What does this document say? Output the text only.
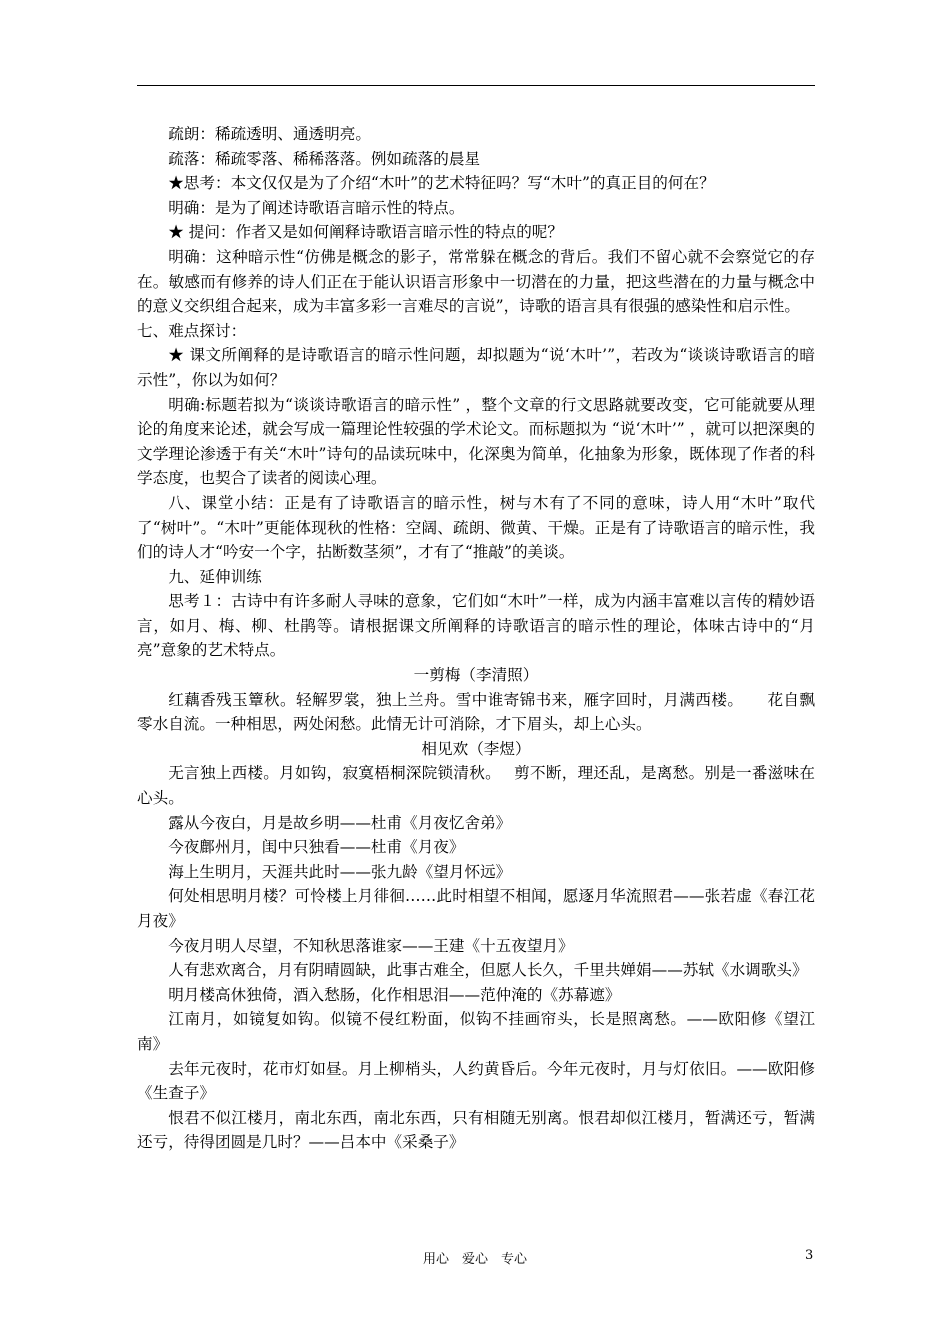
疏朗：稀疏透明、通透明亮。

疏落：稀疏零落、稀稀落落。例如疏落的晨星

★思考：本文仅仅是为了介绍“木叶”的艺术特征吗？写“木叶”的真正目的何在？

明确：是为了阐述诗歌语言暗示性的特点。

★ 提问：作者又是如何阐释诗歌语言暗示性的特点的呢？

明确：这种暗示性“仿佛是概念的影子，常常躲在概念的背后。我们不留心就不会察觉它的存在。敏感而有修养的诗人们正在于能认识语言形象中一切潜在的力量，把这些潜在的力量与概念中的意义交织组合起来，成为丰富多彩一言难尽的言说”，诗歌的语言具有很强的感染性和启示性。

七、难点探讨：

★ 课文所阐释的是诗歌语言的暗示性问题，却拟题为“说‘木叶’”，若改为“谈谈诗歌语言的暗示性”，你以为如何？

明确:标题若拟为“谈谈诗歌语言的暗示性” ，整个文章的行文思路就要改变，它可能就要从理论的角度来论述，就会写成一篇理论性较强的学术论文。而标题拟为 “说‘木叶’” ，就可以把深奥的文学理论渗透于有关“木叶”诗句的品读玩味中，化深奥为简单，化抽象为形象，既体现了作者的科学态度，也契合了读者的阅读心理。

八、课堂小结：正是有了诗歌语言的暗示性，树与木有了不同的意味，诗人用“木叶”取代了“树叶”。“木叶”更能体现秋的性格：空阔、疏朗、微黄、干燥。正是有了诗歌语言的暗示性，我们的诗人才“吟安一个字，拈断数茎须”，才有了“推敲”的美谈。

九、延伸训练

思考１：古诗中有许多耐人寻味的意象，它们如“木叶”一样，成为内涵丰富难以言传的精妙语言，如月、梅、柳、杜鹃等。请根据课文所阐释的诗歌语言的暗示性的理论，体味古诗中的“月亮”意象的艺术特点。

一剪梅（李清照）

红藕香残玉簟秋。轻解罗裳，独上兰舟。雪中谁寄锦书来，雁字回时，月满西楼。　　花自飘零水自流。一种相思，两处闲愁。此情无计可消除，才下眉头，却上心头。

相见欢（李煜）

无言独上西楼。月如钩，寂寞梧桐深院锁清秋。　 剪不断，理还乱，是离愁。别是一番滋味在心头。

露从今夜白，月是故乡明——杜甫《月夜忆舍弟》

今夜鄜州月，闺中只独看——杜甫《月夜》

海上生明月，天涯共此时——张九龄《望月怀远》

何处相思明月楼？可怜楼上月徘徊……此时相望不相闻，愿逐月华流照君——张若虚《春江花月夜》

今夜月明人尽望，不知秋思落谁家——王建《十五夜望月》

人有悲欢离合，月有阴晴圆缺，此事古难全，但愿人长久，千里共婵娟——苏轼《水调歌头》

明月楼高休独倚，酒入愁肠，化作相思泪——范仲淹的《苏幕遮》

江南月，如镜复如钩。似镜不侵红粉面，似钩不挂画帘头，长是照离愁。——欧阳修《望江南》

去年元夜时，花市灯如昼。月上柳梢头，人约黄昏后。今年元夜时，月与灯依旧。——欧阳修《生查子》

恨君不似江楼月，南北东西，南北东西，只有相随无别离。恨君却似江楼月，暂满还亏，暂满还亏，待得团圆是几时？——吕本中《采桑子》

用心　爱心　专心	3
